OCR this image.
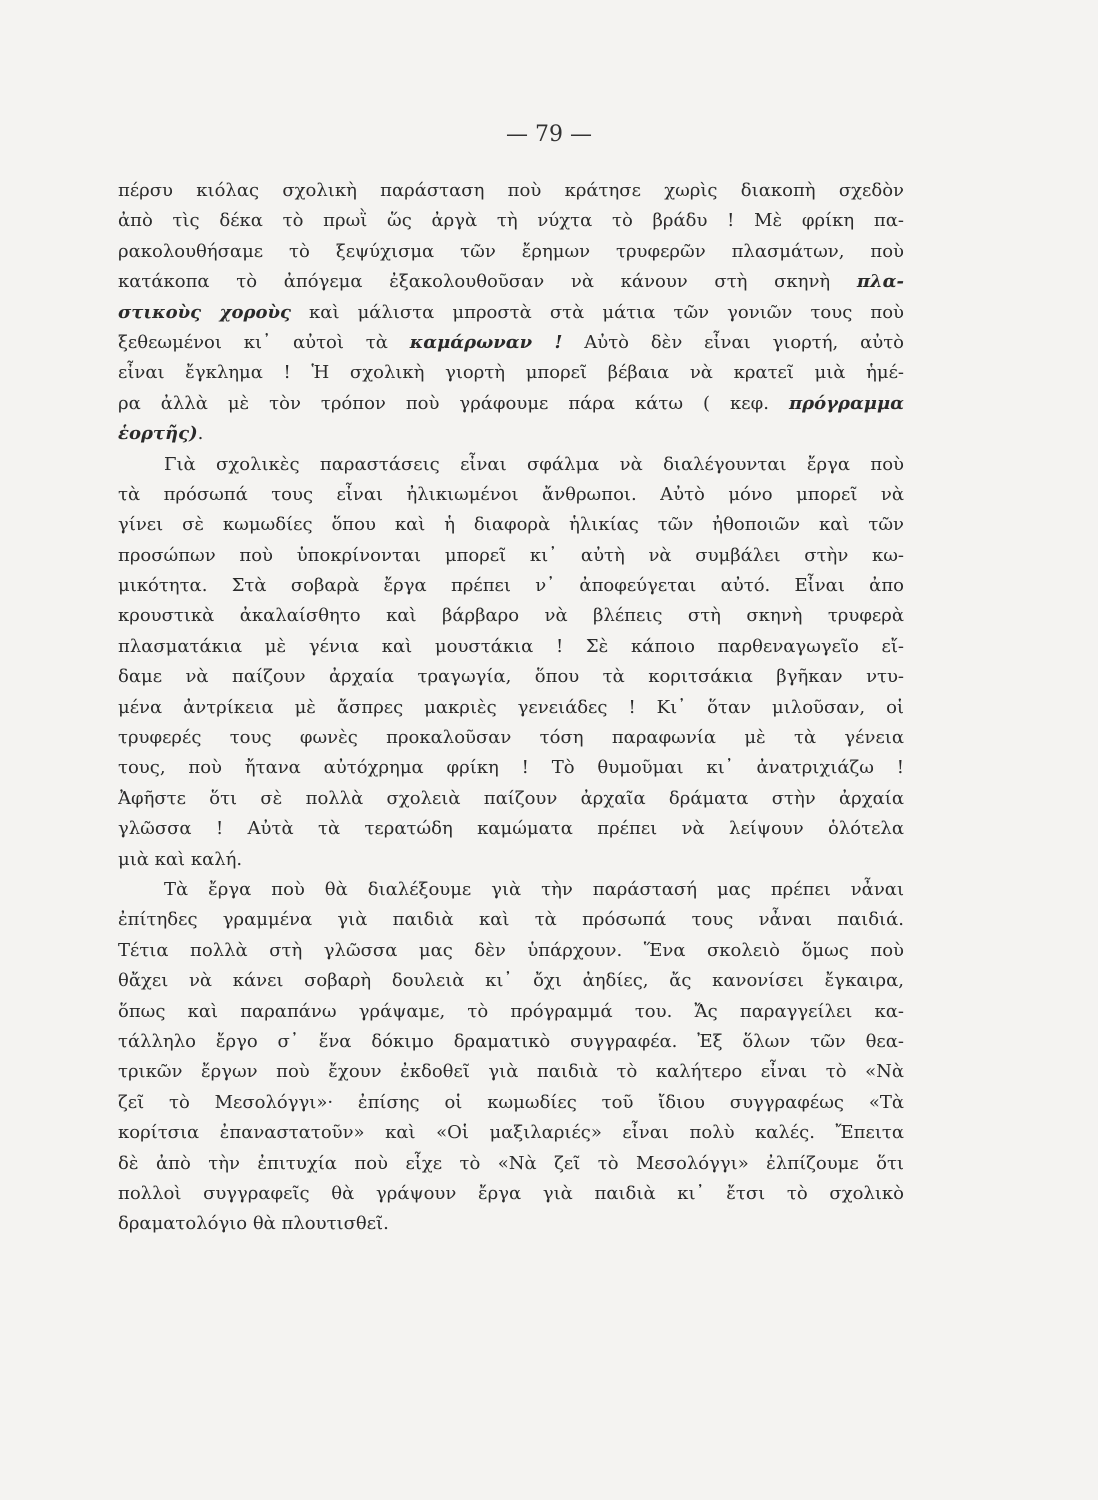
— 79 —
πέρσυ κιόλας σχολικὴ παράσταση ποὺ κράτησε χωρὶς διακοπὴ σχεδὸν
ἀπὸ τὶς δέκα τὸ πρωῒ ὥς ἀργὰ τὴ νύχτα τὸ βράδυ ! Μὲ φρίκη πα-
ρακολουθήσαμε τὸ ξεψύχισμα τῶν ἔρημων τρυφερῶν πλασμάτων, ποὺ
κατάκοπα τὸ ἀπόγεμα ἐξακολουθοῦσαν νὰ κάνουν στὴ σκηνὴ πλα-
στικοὺς χοροὺς καὶ μάλιστα μπροστὰ στὰ μάτια τῶν γονιῶν τους ποὺ
ξεθεωμένοι κι᾿ αὐτοὶ τὰ καμάρωναν ! Αὐτὸ δὲν εἶναι γιορτή, αὐτὸ
εἶναι ἔγκλημα ! Ἡ σχολικὴ γιορτὴ μπορεῖ βέβαια νὰ κρατεῖ μιὰ ἡμέ-
ρα ἀλλὰ μὲ τὸν τρόπον ποὺ γράφουμε πάρα κάτω ( κεφ. πρόγραμμα
ἑορτῆς).
Γιὰ σχολικὲς παραστάσεις εἶναι σφάλμα νὰ διαλέγουνται ἔργα ποὺ
τὰ πρόσωπά τους εἶναι ἠλικιωμένοι ἄνθρωποι. Αὐτὸ μόνο μπορεῖ νὰ
γίνει σὲ κωμωδίες ὅπου καὶ ἡ διαφορὰ ἡλικίας τῶν ἠθοποιῶν καὶ τῶν
προσώπων ποὺ ὑποκρίνονται μπορεῖ κι᾿ αὐτὴ νὰ συμβάλει στὴν κω-
μικότητα. Στὰ σοβαρὰ ἔργα πρέπει ν᾿ ἀποφεύγεται αὐτό. Εἶναι ἀπο
κρουστικὰ ἀκαλαίσθητο καὶ βάρβαρο νὰ βλέπεις στὴ σκηνὴ τρυφερὰ
πλασματάκια μὲ γένια καὶ μουστάκια ! Σὲ κάποιο παρθεναγωγεῖο εἴ-
δαμε νὰ παίζουν ἀρχαία τραγωγία, ὅπου τὰ κοριτσάκια βγῆκαν ντυ-
μένα ἀντρίκεια μὲ ἄσπρες μακριὲς γενειάδες ! Κι᾿ ὅταν μιλοῦσαν, οἱ
τρυφερές τους φωνὲς προκαλοῦσαν τόση παραφωνία μὲ τὰ γένεια
τους, ποὺ ἤτανα αὐτόχρημα φρίκη ! Τὸ θυμοῦμαι κι᾿ ἀνατριχιάζω !
Ἀφῆστε ὅτι σὲ πολλὰ σχολειὰ παίζουν ἀρχαῖα δράματα στὴν ἀρχαία
γλῶσσα ! Αὐτὰ τὰ τερατώδη καμώματα πρέπει νὰ λείψουν ὁλότελα
μιὰ καὶ καλή.
Τὰ ἔργα ποὺ θὰ διαλέξουμε γιὰ τὴν παράστασή μας πρέπει νἆναι
ἐπίτηδες γραμμένα γιὰ παιδιὰ καὶ τὰ πρόσωπά τους νἆναι παιδιά.
Τέτια πολλὰ στὴ γλῶσσα μας δὲν ὑπάρχουν. Ἕνα σκολειὸ ὅμως ποὺ
θἄχει νὰ κάνει σοβαρὴ δουλειὰ κι᾿ ὄχι ἀηδίες, ἄς κανονίσει ἔγκαιρα,
ὅπως καὶ παραπάνω γράψαμε, τὸ πρόγραμμά του. Ἄς παραγγείλει κα-
τάλληλο ἔργο σ᾿ ἕνα δόκιμο δραματικὸ συγγραφέα. Ἐξ ὅλων τῶν θεα-
τρικῶν ἔργων ποὺ ἔχουν ἐκδοθεῖ γιὰ παιδιὰ τὸ καλήτερο εἶναι τὸ «Νὰ
ζεῖ τὸ Μεσολόγγι»· ἐπίσης οἱ κωμωδίες τοῦ ἴδιου συγγραφέως «Τὰ
κορίτσια ἐπαναστατοῦν» καὶ «Οἱ μαξιλαριές» εἶναι πολὺ καλές. Ἔπειτα
δὲ ἀπὸ τὴν ἐπιτυχία ποὺ εἶχε τὸ «Νὰ ζεῖ τὸ Μεσολόγγι» ἐλπίζουμε ὅτι
πολλοὶ συγγραφεῖς θὰ γράψουν ἔργα γιὰ παιδιὰ κι᾿ ἔτσι τὸ σχολικὸ
δραματολόγιο θὰ πλουτισθεῖ.
